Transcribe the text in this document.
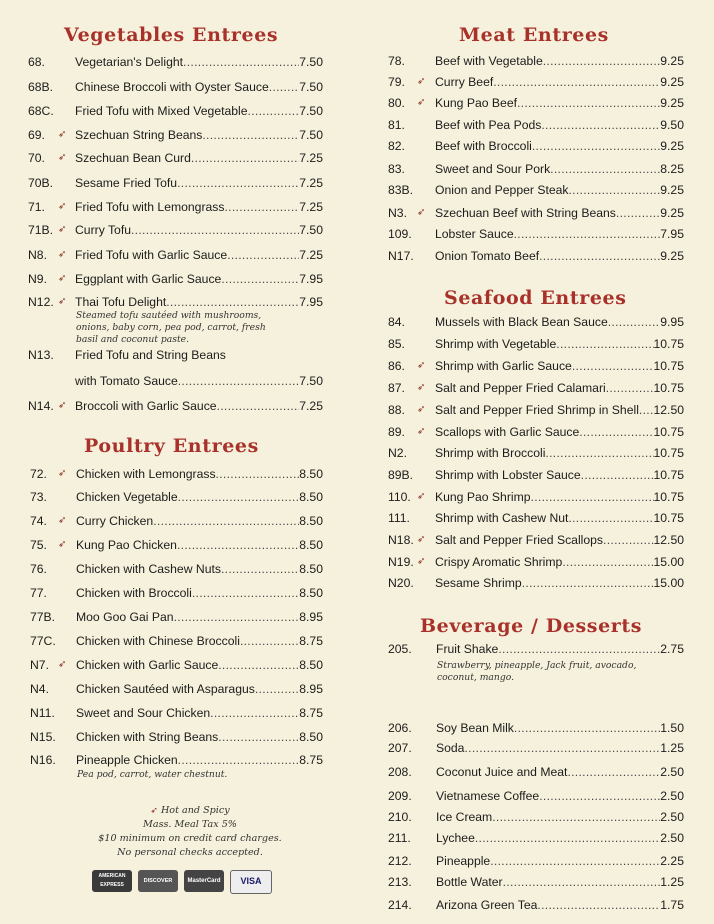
Vegetables Entrees
68. Vegetarian's Delight .....	7.50
68B. Chinese Broccoli with Oyster Sauce .....	7.50
68C. Fried Tofu with Mixed Vegetable .....	7.50
69. ➶ Szechuan String Beans .....	7.50
70. ➶ Szechuan Bean Curd .....	7.25
70B. Sesame Fried Tofu .....	7.25
71. ➶ Fried Tofu with Lemongrass .....	7.25
71B. ➶ Curry Tofu .....	7.50
N8. ➶ Fried Tofu with Garlic Sauce .....	7.25
N9. ➶ Eggplant with Garlic Sauce .....	7.95
N12. ➶ Thai Tofu Delight .....	7.95
N13. Fried Tofu and String Beans
with Tomato Sauce .....	7.50
N14. ➶ Broccoli with Garlic Sauce .....	7.25
Steamed tofu sautéed with mushrooms, onions, baby corn, pea pod, carrot, fresh basil and coconut paste.
Poultry Entrees
72. ➶ Chicken with Lemongrass .....	8.50
73. Chicken Vegetable .....	8.50
74. ➶ Curry Chicken .....	8.50
75. ➶ Kung Pao Chicken .....	8.50
76. Chicken with Cashew Nuts .....	8.50
77. Chicken with Broccoli .....	8.50
77B. Moo Goo Gai Pan .....	8.95
77C. Chicken with Chinese Broccoli .....	8.75
N7. ➶ Chicken with Garlic Sauce .....	8.50
N4. Chicken Sautéed with Asparagus .....	8.95
N11. Sweet and Sour Chicken .....	8.75
N15. Chicken with String Beans .....	8.50
N16. Pineapple Chicken .....	8.75
Pea pod, carrot, water chestnut.
➶ Hot and Spicy
Mass. Meal Tax 5%
$10 minimum on credit card charges.
No personal checks accepted.
AMERICAN EXPRESS
DISCOVER	MasterCard	VISA
Meat Entrees
78. Beef with Vegetable .....	9.25
79. ➶ Curry Beef .....	9.25
80. ➶ Kung Pao Beef .....	9.25
81. Beef with Pea Pods .....	9.50
82. Beef with Broccoli .....	9.25
83. Sweet and Sour Pork .....	8.25
83B. Onion and Pepper Steak .....	9.25
N3. ➶ Szechuan Beef with String Beans .....	9.25
109. Lobster Sauce .....	7.95
N17. Onion Tomato Beef .....	9.25
Seafood Entrees
84. Mussels with Black Bean Sauce .....	9.95
85. Shrimp with Vegetable .....	10.75
86. ➶ Shrimp with Garlic Sauce .....	10.75
87. ➶ Salt and Pepper Fried Calamari .....	10.75
88. ➶ Salt and Pepper Fried Shrimp in Shell ..... 12.50
89. ➶ Scallops with Garlic Sauce .....	10.75
N2. Shrimp with Broccoli .....	10.75
89B. Shrimp with Lobster Sauce .....	10.75
110. ➶ Kung Pao Shrimp .....	10.75
111. Shrimp with Cashew Nut .....	10.75
N18. ➶ Salt and Pepper Fried Scallops .....	12.50
N19. ➶ Crispy Aromatic Shrimp .....	15.00
N20. Sesame Shrimp .....	15.00
Beverage / Desserts
205. Fruit Shake .....	2.75
206. Soy Bean Milk .....	1.50
207. Soda .....	1.25
208. Coconut Juice and Meat .....	2.50
209. Vietnamese Coffee .....	2.50
210. Ice Cream .....	2.50
211. Lychee .....	2.50
212. Pineapple .....	2.25
213. Bottle Water .....	1.25
214. Arizona Green Tea .....	1.75
Strawberry, pineapple, Jack fruit, avocado, coconut, mango.
